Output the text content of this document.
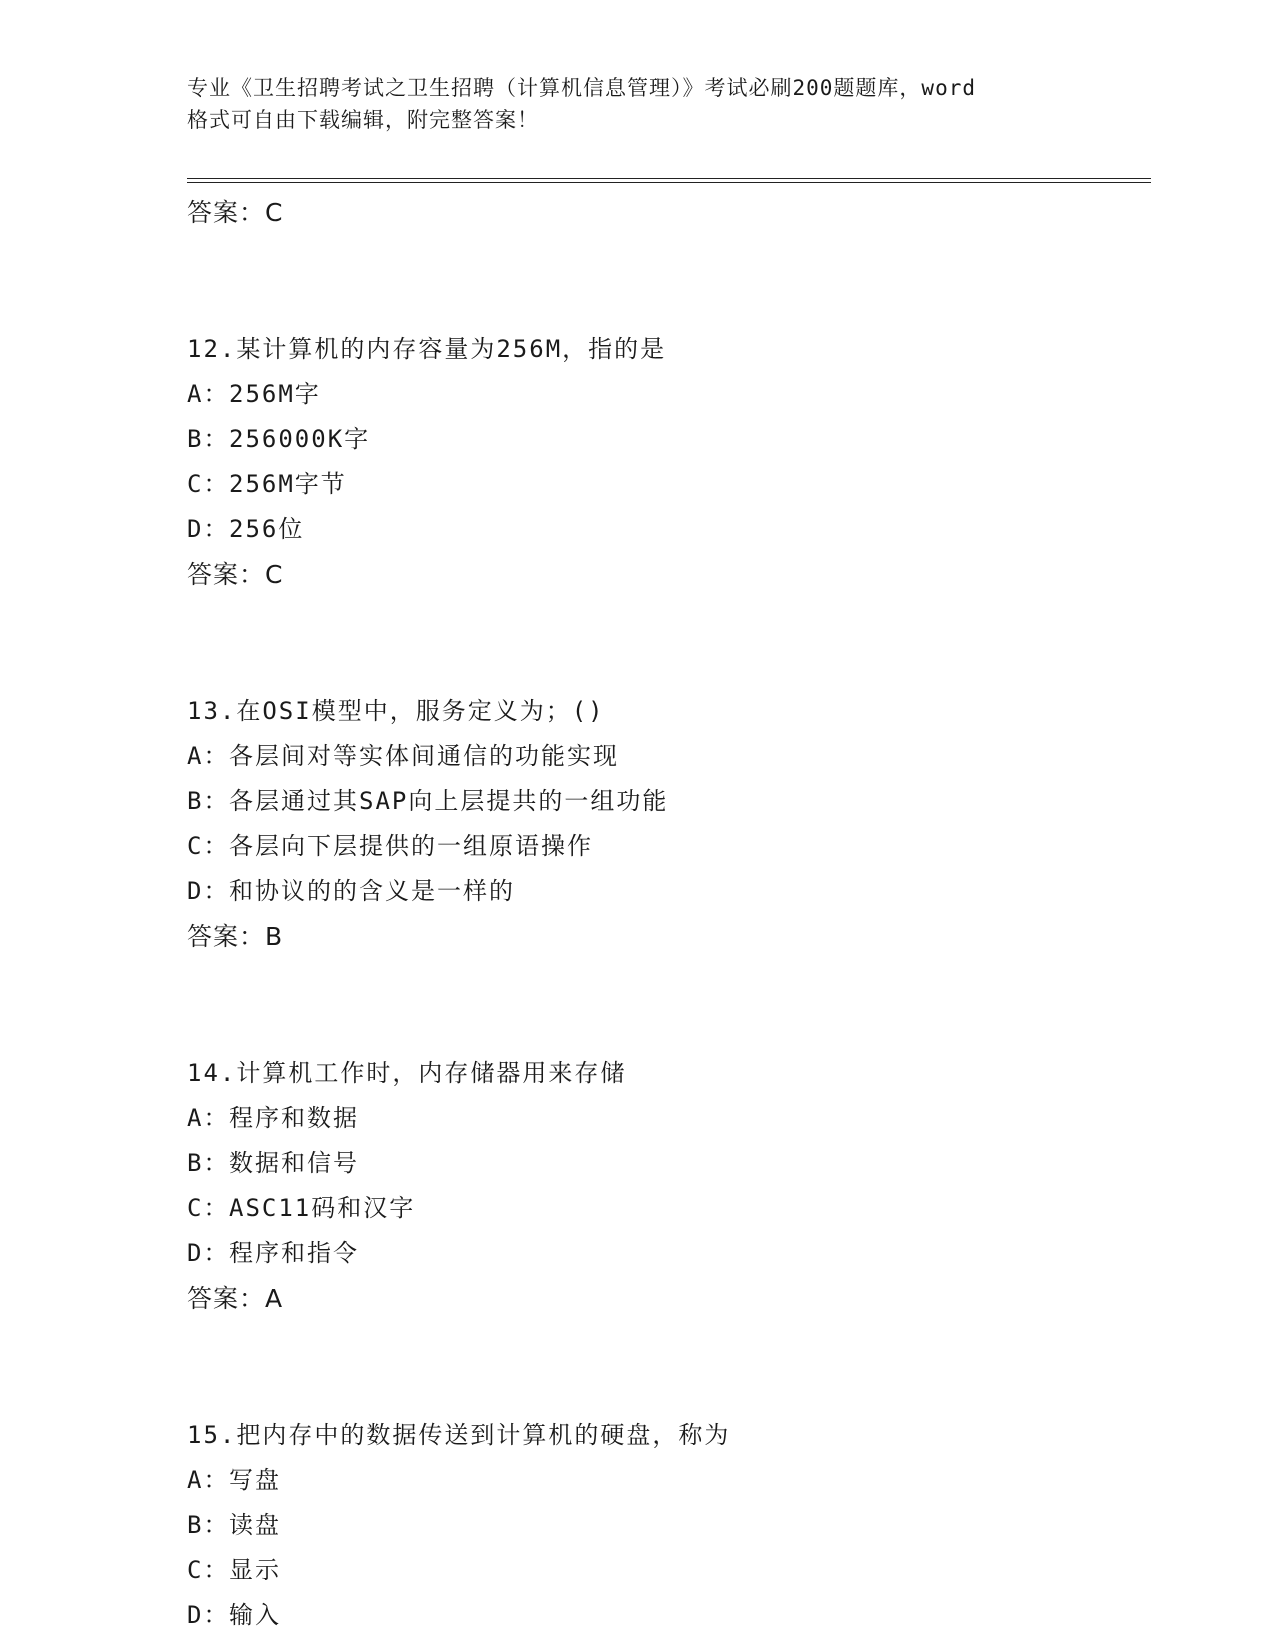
专业《卫生招聘考试之卫生招聘（计算机信息管理）》考试必刷200题题库，word
格式可自由下载编辑，附完整答案！
答案：C
12.某计算机的内存容量为256M，指的是
A：256M字
B：256000K字
C：256M字节
D：256位
答案：C
13.在OSI模型中，服务定义为；()
A：各层间对等实体间通信的功能实现
B：各层通过其SAP向上层提共的一组功能
C：各层向下层提供的一组原语操作
D：和协议的的含义是一样的
答案：B
14.计算机工作时，内存储器用来存储
A：程序和数据
B：数据和信号
C：ASC11码和汉字
D：程序和指令
答案：A
15.把内存中的数据传送到计算机的硬盘，称为
A：写盘
B：读盘
C：显示
D：输入
